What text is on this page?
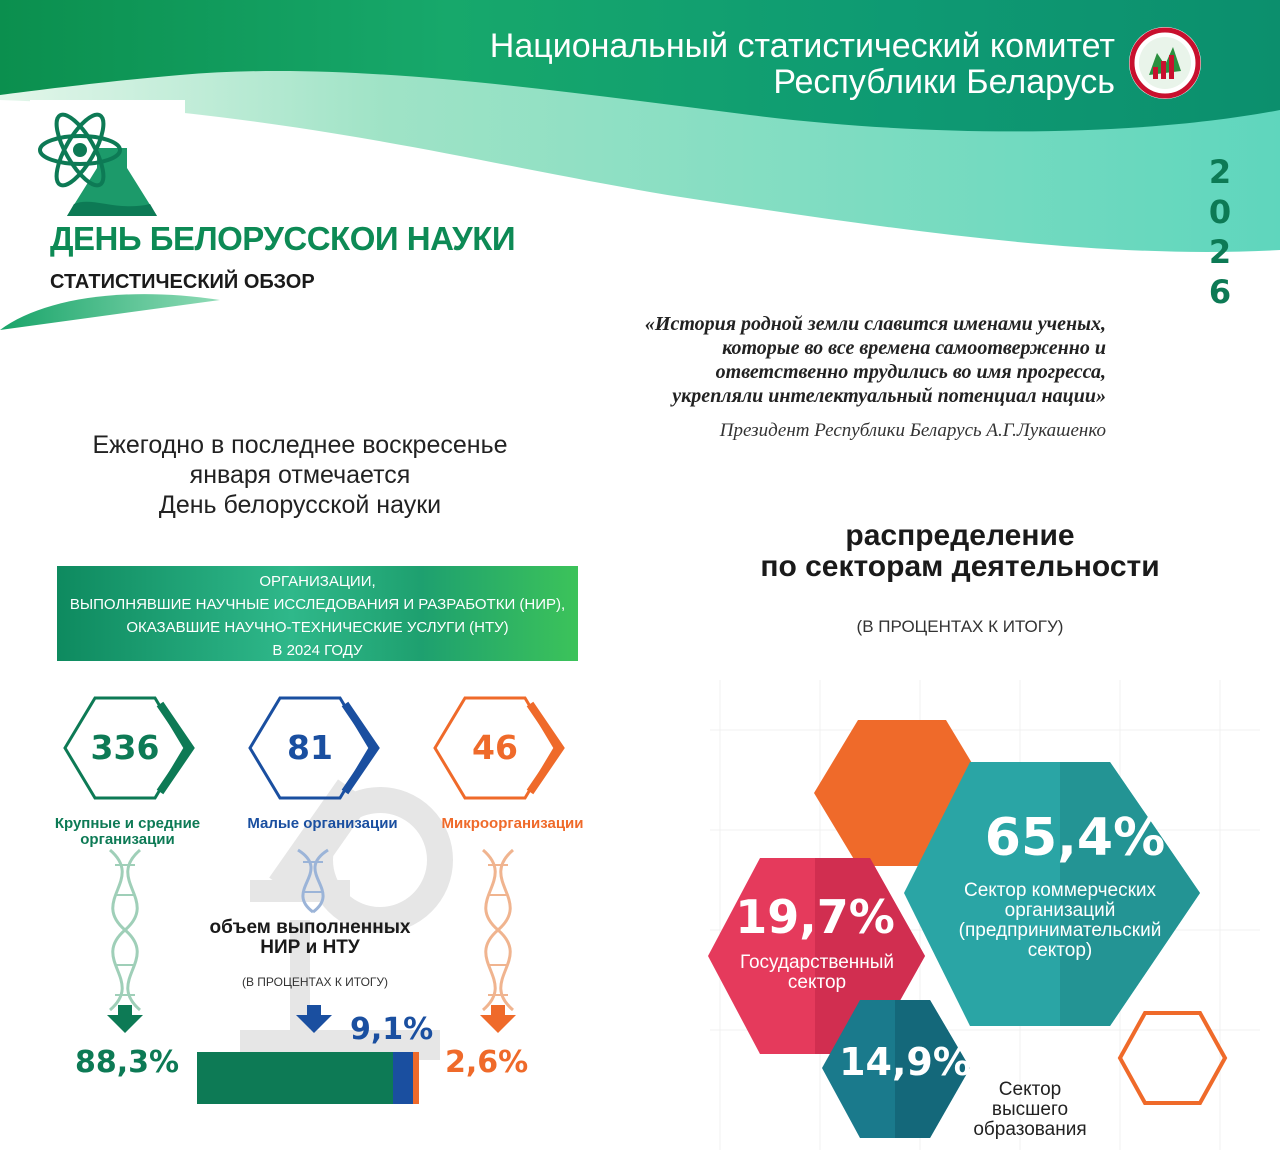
Национальный статистический комитет
Республики Беларусь
2
0
2
6
ДЕНЬ БЕЛОРУССКОИ НАУКИ
СТАТИСТИЧЕСКИЙ ОБЗОР
«История родной земли славится именами ученых,
которые во все времена самоотверженно и
ответственно трудились во имя прогресса,
укрепляли интелектуальный потенциал нации»
Президент Республики Беларусь А.Г.Лукашенко
Ежегодно в последнее воскресенье
января отмечается
День белорусской науки
ОРГАНИЗАЦИИ,
ВЫПОЛНЯВШИЕ НАУЧНЫЕ ИССЛЕДОВАНИЯ И РАЗРАБОТКИ (НИР),
ОКАЗАВШИЕ НАУЧНО-ТЕХНИЧЕСКИЕ УСЛУГИ (НТУ)
В 2024 ГОДУ
336	81	46
Крупные и средние
организации
Малые организации	Микроорганизации
объем выполненных
НИР и НТУ
(В ПРОЦЕНТАХ К ИТОГУ)
88,3%
9,1%
2,6%
распределение
по секторам деятельности
(В ПРОЦЕНТАХ К ИТОГУ)
65,4%
Сектор коммерческих
организаций
(предпринимательский
сектор)
19,7%
Государственный
сектор
14,9%
Сектор
высшего
образования
